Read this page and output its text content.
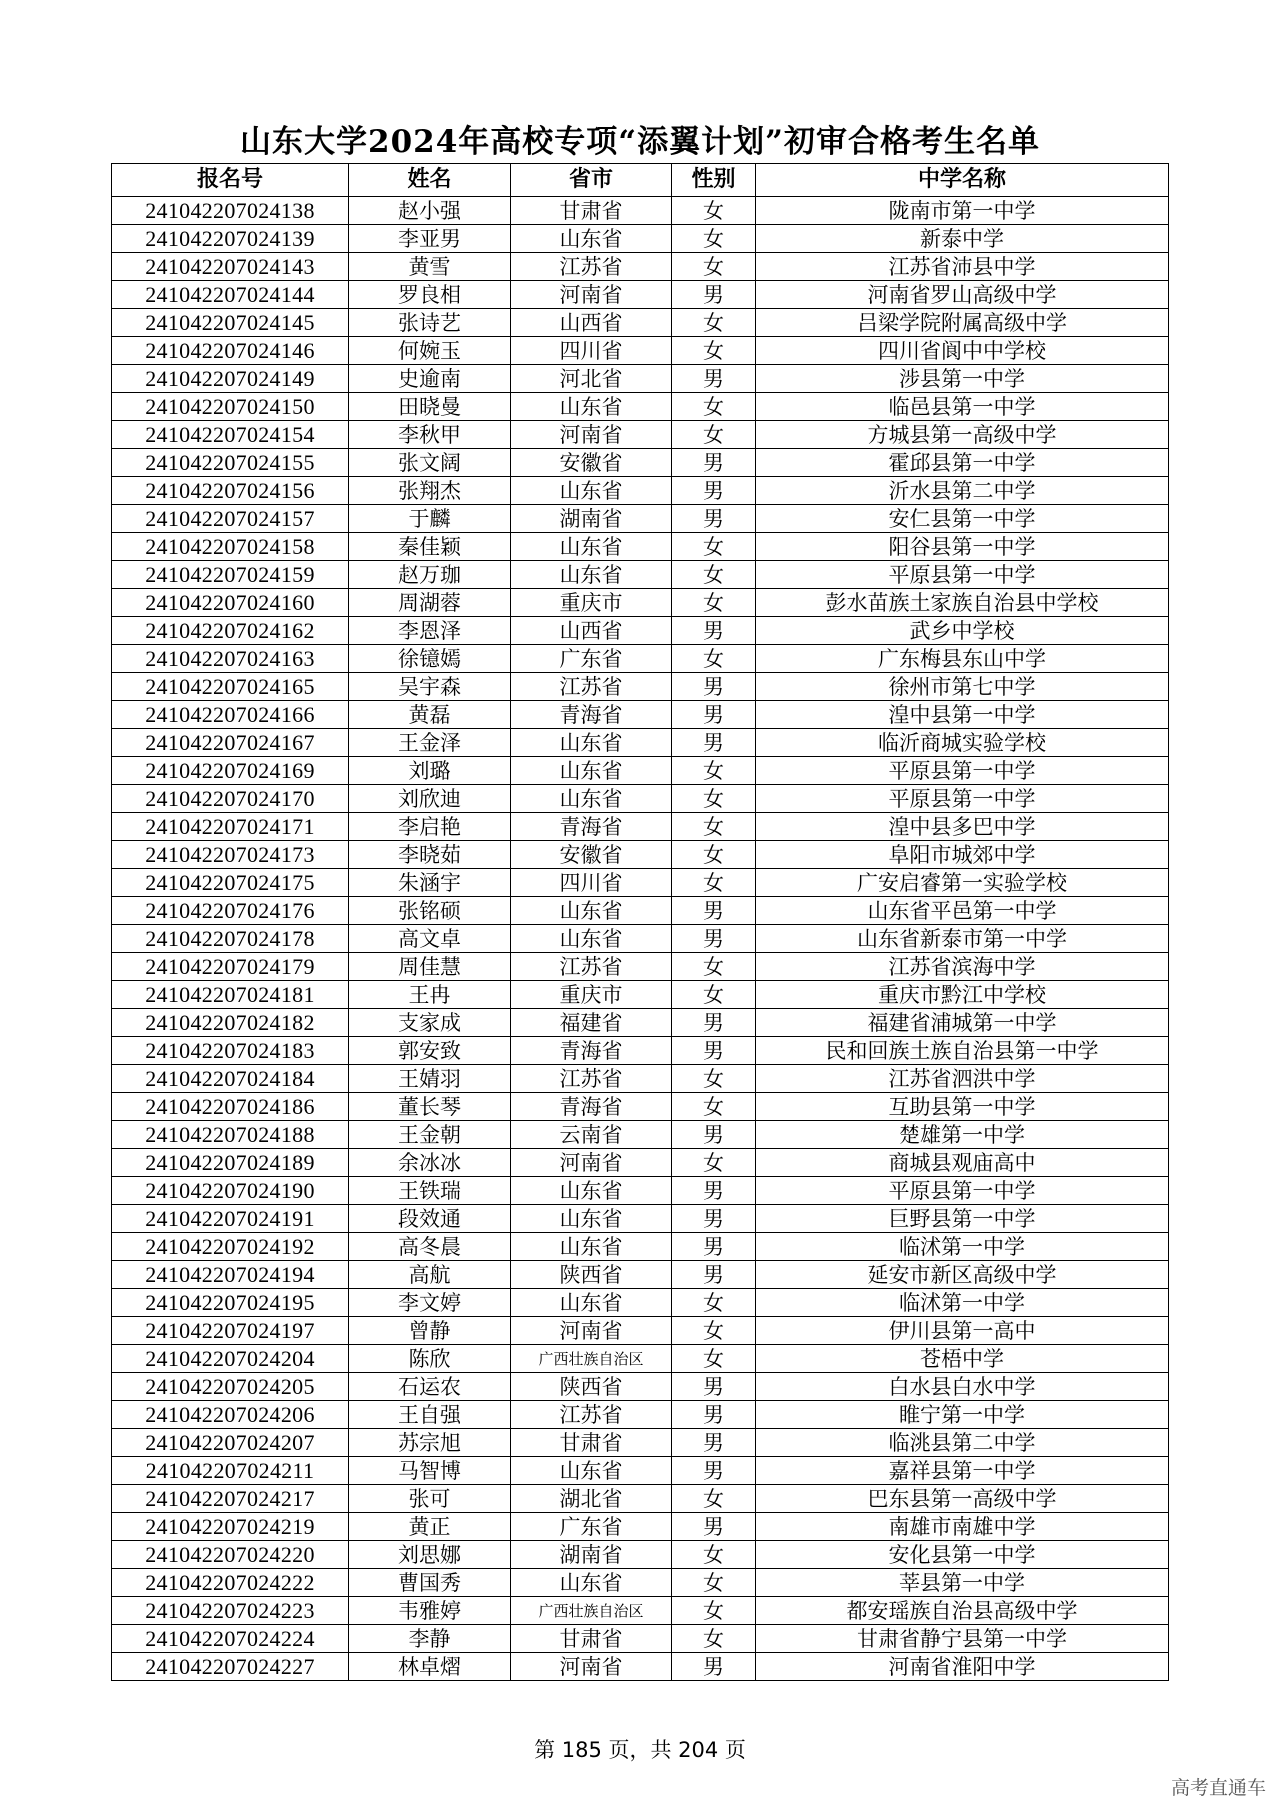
山东大学2024年高校专项“添翼计划”初审合格考生名单
报名号	姓名	省市	性别	中学名称
241042207024138	赵小强	甘肃省	女	陇南市第一中学
241042207024139	李亚男	山东省	女	新泰中学
241042207024143	黄雪	江苏省	女	江苏省沛县中学
241042207024144	罗良相	河南省	男	河南省罗山高级中学
241042207024145	张诗艺	山西省	女	吕梁学院附属高级中学
241042207024146	何婉玉	四川省	女	四川省阆中中学校
241042207024149	史逾南	河北省	男	涉县第一中学
241042207024150	田晓曼	山东省	女	临邑县第一中学
241042207024154	李秋甲	河南省	女	方城县第一高级中学
241042207024155	张文阔	安徽省	男	霍邱县第一中学
241042207024156	张翔杰	山东省	男	沂水县第二中学
241042207024157	于麟	湖南省	男	安仁县第一中学
241042207024158	秦佳颖	山东省	女	阳谷县第一中学
241042207024159	赵万珈	山东省	女	平原县第一中学
241042207024160	周湖蓉	重庆市	女	彭水苗族土家族自治县中学校
241042207024162	李恩泽	山西省	男	武乡中学校
241042207024163	徐镱嫣	广东省	女	广东梅县东山中学
241042207024165	吴宇森	江苏省	男	徐州市第七中学
241042207024166	黄磊	青海省	男	湟中县第一中学
241042207024167	王金泽	山东省	男	临沂商城实验学校
241042207024169	刘璐	山东省	女	平原县第一中学
241042207024170	刘欣迪	山东省	女	平原县第一中学
241042207024171	李启艳	青海省	女	湟中县多巴中学
241042207024173	李晓茹	安徽省	女	阜阳市城郊中学
241042207024175	朱涵宇	四川省	女	广安启睿第一实验学校
241042207024176	张铭硕	山东省	男	山东省平邑第一中学
241042207024178	高文卓	山东省	男	山东省新泰市第一中学
241042207024179	周佳慧	江苏省	女	江苏省滨海中学
241042207024181	王冉	重庆市	女	重庆市黔江中学校
241042207024182	支家成	福建省	男	福建省浦城第一中学
241042207024183	郭安致	青海省	男	民和回族土族自治县第一中学
241042207024184	王婧羽	江苏省	女	江苏省泗洪中学
241042207024186	董长琴	青海省	女	互助县第一中学
241042207024188	王金朝	云南省	男	楚雄第一中学
241042207024189	余冰冰	河南省	女	商城县观庙高中
241042207024190	王铁瑞	山东省	男	平原县第一中学
241042207024191	段效通	山东省	男	巨野县第一中学
241042207024192	高冬晨	山东省	男	临沭第一中学
241042207024194	高航	陕西省	男	延安市新区高级中学
241042207024195	李文婷	山东省	女	临沭第一中学
241042207024197	曾静	河南省	女	伊川县第一高中
241042207024204	陈欣	广西壮族自治区	女	苍梧中学
241042207024205	石运农	陕西省	男	白水县白水中学
241042207024206	王自强	江苏省	男	睢宁第一中学
241042207024207	苏宗旭	甘肃省	男	临洮县第二中学
241042207024211	马智博	山东省	男	嘉祥县第一中学
241042207024217	张可	湖北省	女	巴东县第一高级中学
241042207024219	黄正	广东省	男	南雄市南雄中学
241042207024220	刘思娜	湖南省	女	安化县第一中学
241042207024222	曹国秀	山东省	女	莘县第一中学
241042207024223	韦雅婷	广西壮族自治区	女	都安瑶族自治县高级中学
241042207024224	李静	甘肃省	女	甘肃省静宁县第一中学
241042207024227	林卓熠	河南省	男	河南省淮阳中学
第 185 页，共 204 页
高考直通车
